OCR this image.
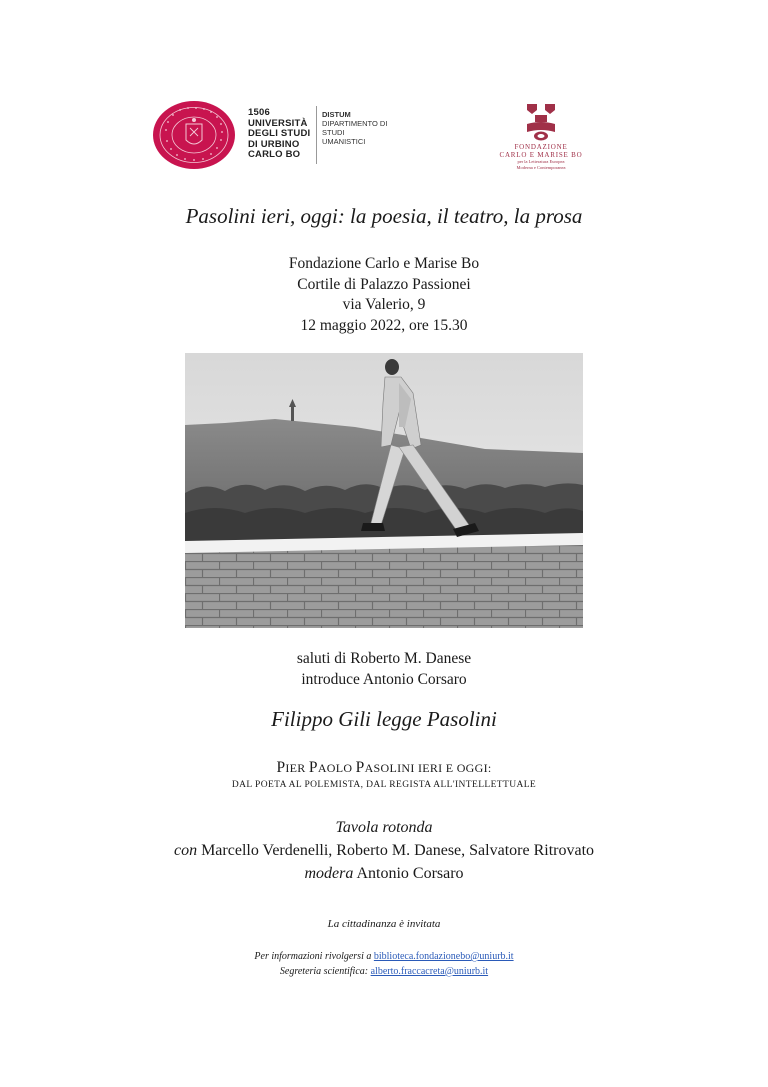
1506
UNIVERSITÀ
DEGLI STUDI
DI URBINO
CARLO BO
DISTUM
DIPARTIMENTO DI
STUDI
UMANISTICI
FONDAZIONE
CARLO E MARISE BO
per la Letteratura Europea
Moderna e Contemporanea
Pasolini ieri, oggi: la poesia, il teatro, la prosa
Fondazione Carlo e Marise Bo
Cortile di Palazzo Passionei
via Valerio, 9
12 maggio 2022, ore 15.30
saluti di Roberto M. Danese
introduce Antonio Corsaro
Filippo Gili legge Pasolini
PIER PAOLO PASOLINI IERI E OGGI:
DAL POETA AL POLEMISTA, DAL REGISTA ALL'INTELLETTUALE
Tavola rotonda
con Marcello Verdenelli, Roberto M. Danese, Salvatore Ritrovato
modera Antonio Corsaro
La cittadinanza è invitata
Per informazioni rivolgersi a biblioteca.fondazionebo@uniurb.it
Segreteria scientifica: alberto.fraccacreta@uniurb.it
